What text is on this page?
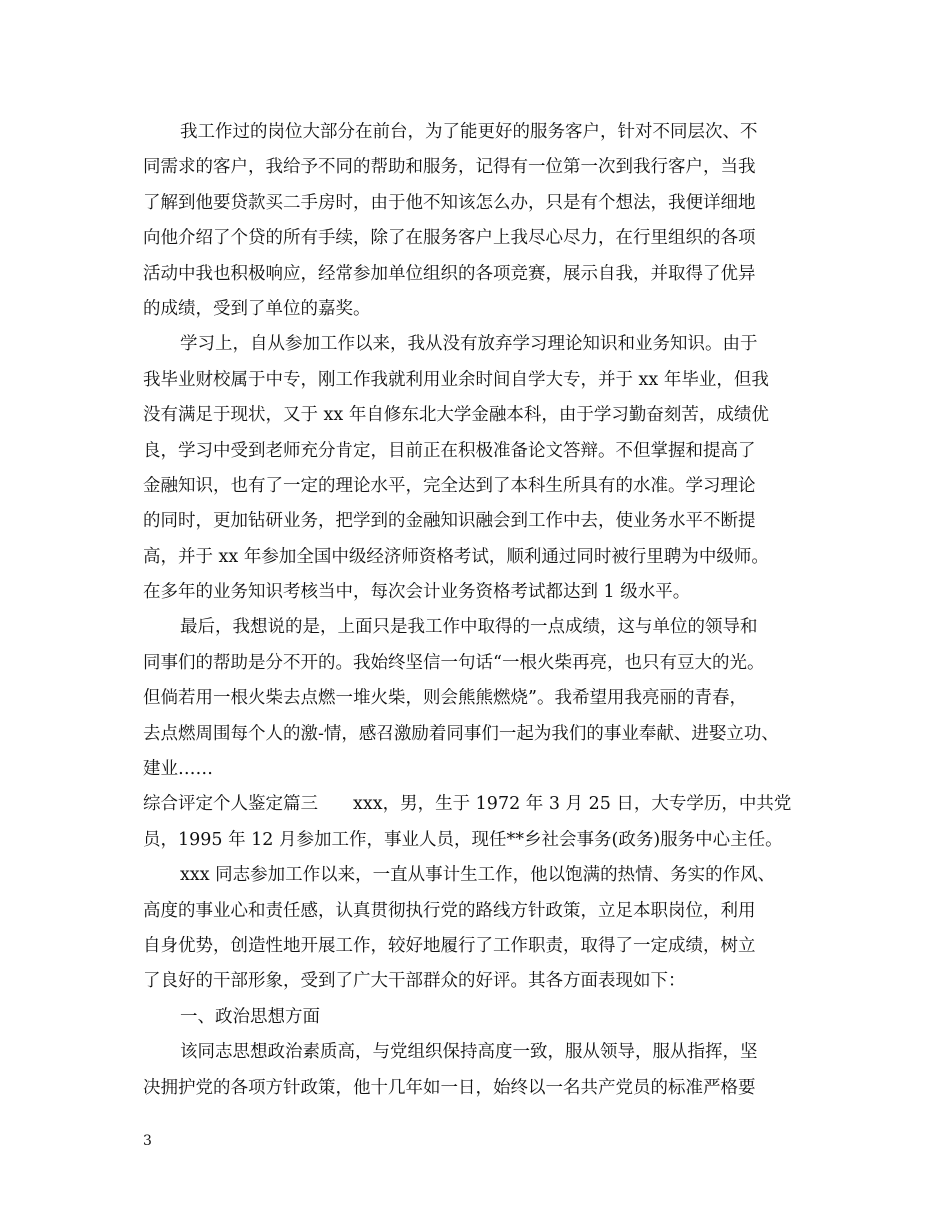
我工作过的岗位大部分在前台，为了能更好的服务客户，针对不同层次、不
同需求的客户，我给予不同的帮助和服务，记得有一位第一次到我行客户，当我
了解到他要贷款买二手房时，由于他不知该怎么办，只是有个想法，我便详细地
向他介绍了个贷的所有手续，除了在服务客户上我尽心尽力，在行里组织的各项
活动中我也积极响应，经常参加单位组织的各项竞赛，展示自我，并取得了优异
的成绩，受到了单位的嘉奖。
学习上，自从参加工作以来，我从没有放弃学习理论知识和业务知识。由于
我毕业财校属于中专，刚工作我就利用业余时间自学大专，并于 xx 年毕业，但我
没有满足于现状，又于 xx 年自修东北大学金融本科，由于学习勤奋刻苦，成绩优
良，学习中受到老师充分肯定，目前正在积极准备论文答辩。不但掌握和提高了
金融知识，也有了一定的理论水平，完全达到了本科生所具有的水准。学习理论
的同时，更加钻研业务，把学到的金融知识融会到工作中去，使业务水平不断提
高，并于 xx 年参加全国中级经济师资格考试，顺利通过同时被行里聘为中级师。
在多年的业务知识考核当中，每次会计业务资格考试都达到 1 级水平。
最后，我想说的是，上面只是我工作中取得的一点成绩，这与单位的领导和
同事们的帮助是分不开的。我始终坚信一句话“一根火柴再亮，也只有豆大的光。
但倘若用一根火柴去点燃一堆火柴，则会熊熊燃烧”。我希望用我亮丽的青春，
去点燃周围每个人的激-情，感召激励着同事们一起为我们的事业奉献、进娶立功、
建业……
综合评定个人鉴定篇三　　xxx，男，生于 1972 年 3 月 25 日，大专学历，中共党
员，1995 年 12 月参加工作，事业人员，现任**乡社会事务(政务)服务中心主任。
xxx 同志参加工作以来，一直从事计生工作，他以饱满的热情、务实的作风、
高度的事业心和责任感，认真贯彻执行党的路线方针政策，立足本职岗位，利用
自身优势，创造性地开展工作，较好地履行了工作职责，取得了一定成绩，树立
了良好的干部形象，受到了广大干部群众的好评。其各方面表现如下：
一、政治思想方面
该同志思想政治素质高，与党组织保持高度一致，服从领导，服从指挥，坚
决拥护党的各项方针政策，他十几年如一日，始终以一名共产党员的标准严格要
3
